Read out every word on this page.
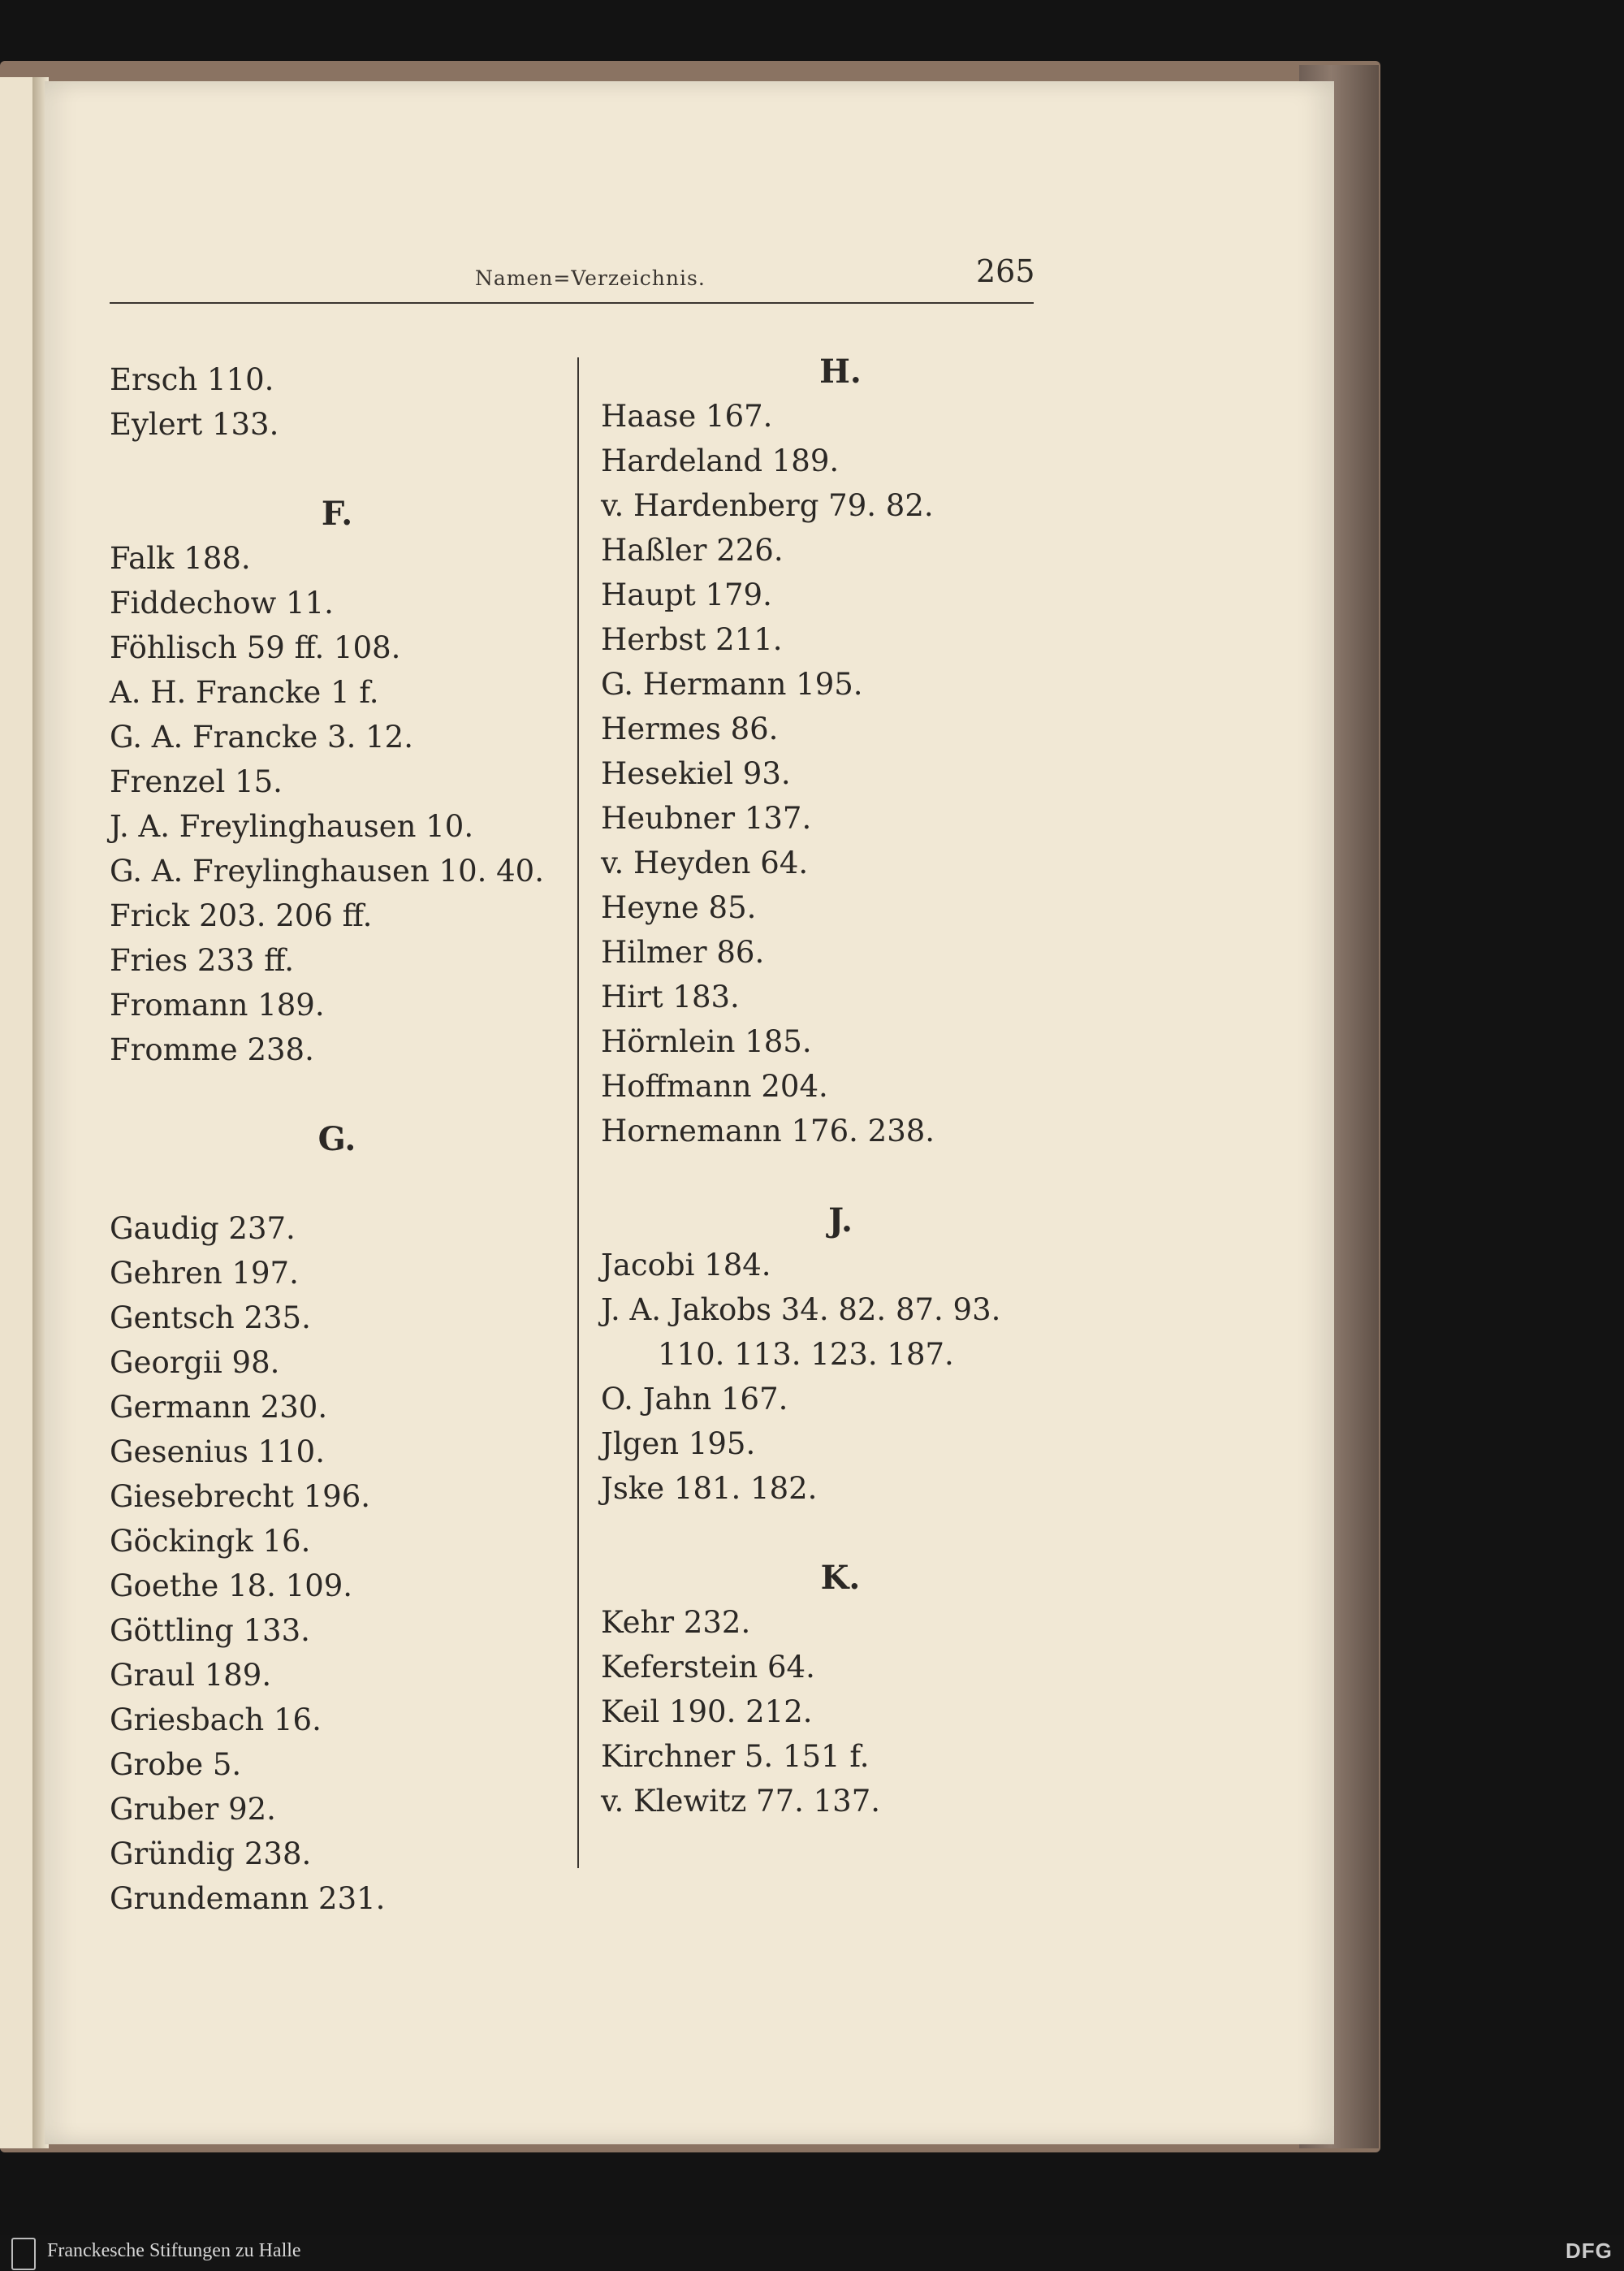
Namen=Verzeichnis.	265
Ersch 110.
Eylert 133.
F.
Falk 188.
Fiddechow 11.
Föhlisch 59 ff. 108.
A. H. Francke 1 f.
G. A. Francke 3. 12.
Frenzel 15.
J. A. Freylinghausen 10.
G. A. Freylinghausen 10. 40.
Frick 203. 206 ff.
Fries 233 ff.
Fromann 189.
Fromme 238.
G.
Gaudig 237.
Gehren 197.
Gentsch 235.
Georgii 98.
Germann 230.
Gesenius 110.
Giesebrecht 196.
Göckingk 16.
Goethe 18. 109.
Göttling 133.
Graul 189.
Griesbach 16.
Grobe 5.
Gruber 92.
Gründig 238.
Grundemann 231.
H.
Haase 167.
Hardeland 189.
v. Hardenberg 79. 82.
Haßler 226.
Haupt 179.
Herbst 211.
G. Hermann 195.
Hermes 86.
Hesekiel 93.
Heubner 137.
v. Heyden 64.
Heyne 85.
Hilmer 86.
Hirt 183.
Hörnlein 185.
Hoffmann 204.
Hornemann 176. 238.
J.
Jacobi 184.
J. A. Jakobs 34. 82. 87. 93.
110. 113. 123. 187.
O. Jahn 167.
Jlgen 195.
Jske 181. 182.
K.
Kehr 232.
Keferstein 64.
Keil 190. 212.
Kirchner 5. 151 f.
v. Klewitz 77. 137.
Franckesche Stiftungen zu Halle	DFG
